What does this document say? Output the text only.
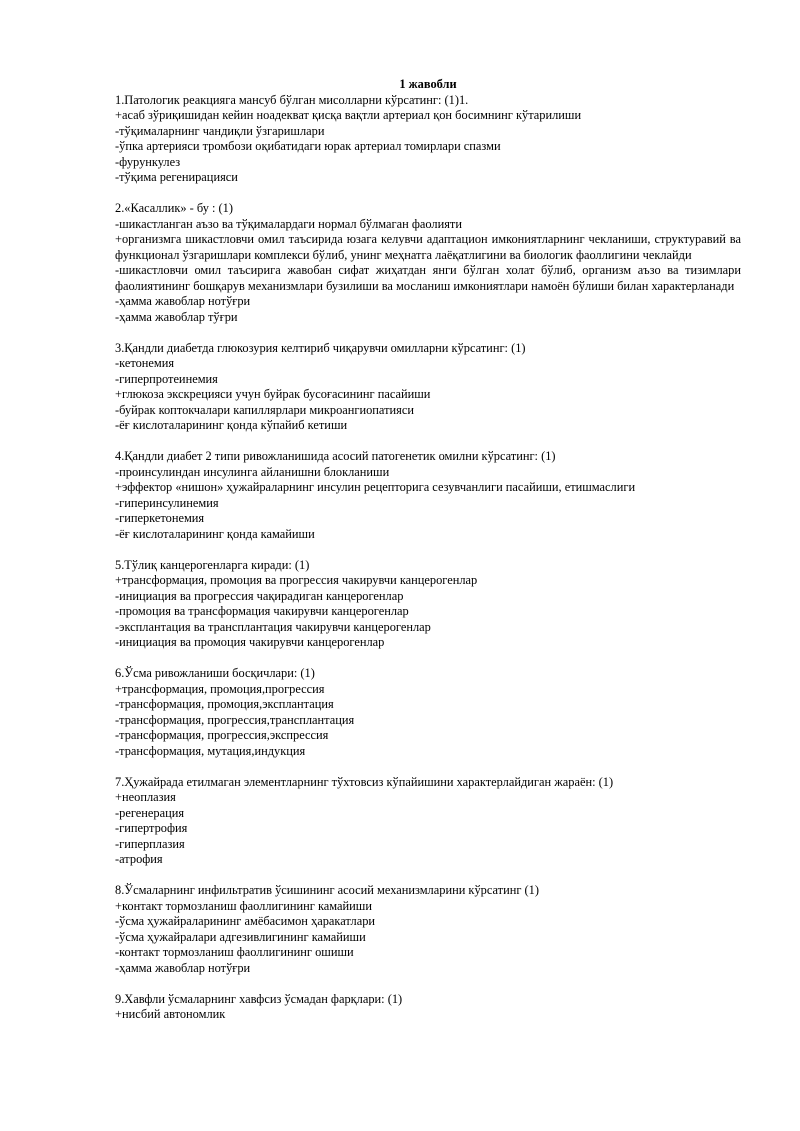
1 жавобли

1.Патологик реакцияга мансуб бўлган мисолларни кўрсатинг: (1)1.
+асаб зўриқишидан кейин ноадекват қисқа вақтли артериал қон босимнинг кўтарилиши
-тўқималарнинг чандиқли ўзгаришлари
-ўпка артерияси тромбози оқибатидаги юрак артериал томирлари спазми
-фурункулез
-тўқима регенирацияси
2.«Касаллик» - бу : (1)
-шикастланган аъзо ва тўқималардаги нормал бўлмаган фаолияти
+организмга шикастловчи омил таъсирида юзага келувчи адаптацион имкониятларнинг чекланиши, структуравий ва функционал ўзгаришлари комплекси бўлиб, унинг меҳнатга лаёқатлигини ва биологик фаоллигини чеклайди
-шикастловчи омил таъсирига жавобан сифат жиҳатдан янги бўлган холат бўлиб, организм аъзо ва тизимлари фаолиятининг бошқарув механизмлари бузилиши ва мосланиш имкониятлари намоён бўлиши билан характерланади
-ҳамма жавоблар нотўғри
-ҳамма жавоблар тўғри
3.Қандли диабетда глюкозурия келтириб чиқарувчи омилларни кўрсатинг: (1)
-кетонемия
-гиперпротеинемия
+глюкоза экскрецияси учун буйрак бусоғасининг пасайиши
-буйрак коптокчалари капиллярлари микроангиопатияси
-ёғ кислоталарининг қонда кўпайиб кетиши
4.Қандли диабет 2 типи ривожланишида асосий патогенетик омилни кўрсатинг: (1)
-проинсулиндан инсулинга айланишни блокланиши
+эффектор «нишон» ҳужайраларнинг инсулин рецепторига сезувчанлиги пасайиши, етишмаслиги
-гиперинсулинемия
-гиперкетонемия
-ёғ кислоталарининг қонда камайиши
5.Тўлиқ канцерогенларга киради: (1)
+трансформация, промоция ва прогрессия чакирувчи канцерогенлар
-инициация ва прогрессия чақирадиган канцерогенлар
-промоция ва трансформация чакирувчи канцерогенлар
-эксплантация ва трансплантация чакирувчи канцерогенлар
-инициация ва промоция чакирувчи канцерогенлар
6.Ўсма ривожланиши босқичлари: (1)
+трансформация, промоция,прогрессия
-трансформация, промоция,эксплантация
-трансформация, прогрессия,трансплантация
-трансформация, прогрессия,экспрессия
-трансформация, мутация,индукция
7.Ҳужайрада етилмаган элементларнинг тўхтовсиз кўпайишини характерлайдиган жараён: (1)
+неоплазия
-регенерация
-гипертрофия
-гиперплазия
-атрофия
8.Ўсмаларнинг инфильтратив ўсишининг асосий механизмларини кўрсатинг (1)
+контакт тормозланиш фаоллигининг камайиши
-ўсма ҳужайраларининг амёбасимон ҳаракатлари
-ўсма ҳужайралари адгезивлигининг камайиши
-контакт тормозланиш фаоллигининг ошиши
-ҳамма жавоблар нотўғри
9.Хавфли ўсмаларнинг хавфсиз ўсмадан фарқлари: (1)
+нисбий автономлик
